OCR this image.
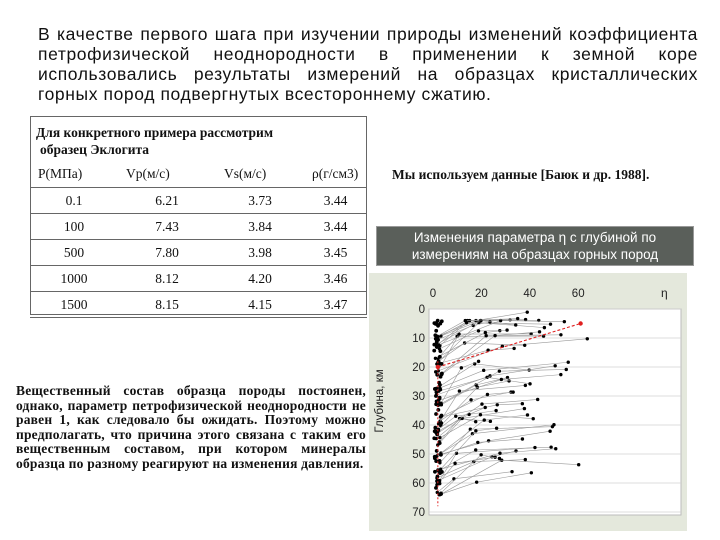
В качестве первого шага при изучении природы изменений коэффициента петрофизической неоднородности в применении к земной коре использовались результаты измерений на образцах кристаллических горных пород подвергнутых всестороннему сжатию.
Для конкретного примера рассмотрим
образец Эклогита
P(MПа)	Vp(м/с)	Vs(м/с)	ρ(г/см3)
0.1	6.21	3.73	3.44
100	7.43	3.84	3.44
500	7.80	3.98	3.45
1000	8.12	4.20	3.46
1500	8.15	4.15	3.47
Мы используем данные [Баюк и др. 1988].
Изменения параметра η с глубиной по
измерениям на образцах горных пород
0
10
20
30
40
50
60
70
0	20	40	60	η
Глубина, км
Вещественный состав образца породы постоянен, однако, параметр петрофизической неоднородности не равен 1, как следовало бы ожидать. Поэтому можно предполагать, что причина этого связана с таким его вещественным составом, при котором минералы образца по разному реагируют на изменения давления.
